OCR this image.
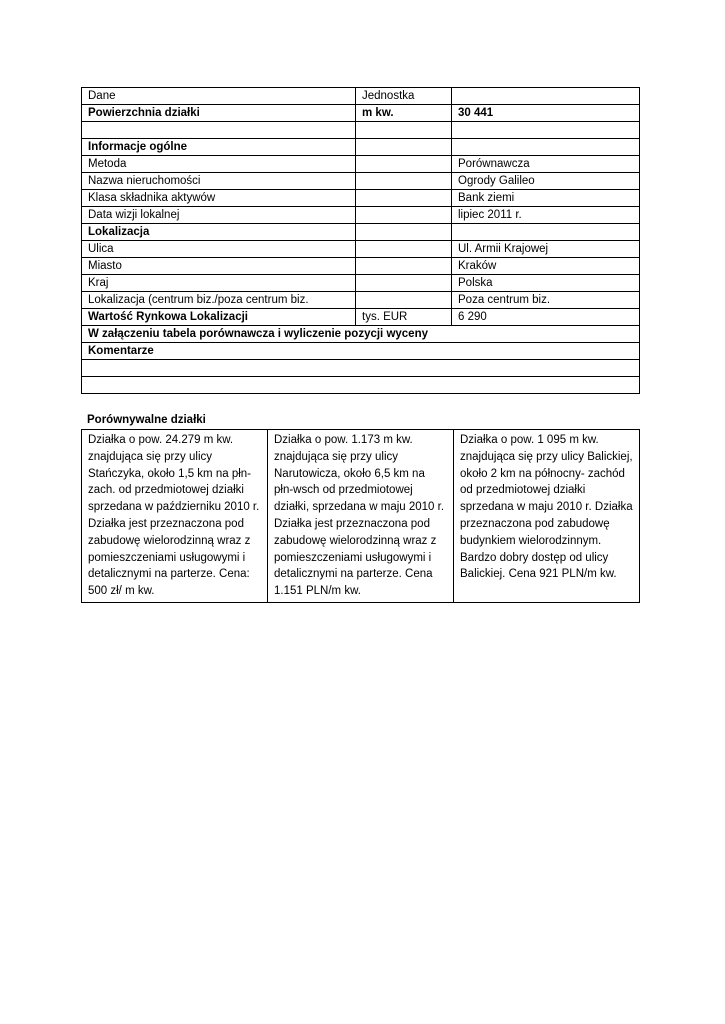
Dane	Jednostka	
Powierzchnia działki	m kw.	30 441

Informacje ogólne		
Metoda		Porównawcza
Nazwa nieruchomości		Ogrody Galileo
Klasa składnika aktywów		Bank ziemi
Data wizji lokalnej		lipiec 2011 r.
Lokalizacja		
Ulica		Ul. Armii Krajowej
Miasto		Kraków
Kraj		Polska
Lokalizacja (centrum biz./poza centrum biz.		Poza centrum biz.
Wartość Rynkowa Lokalizacji	tys. EUR	6 290
W załączeniu tabela porównawcza i wyliczenie pozycji wyceny		
Komentarze		

Porównywalne działki
Działka o pow. 24.279 m kw. znajdująca się przy ulicy Stańczyka, około 1,5 km na płn-zach. od przedmiotowej działki sprzedana w październiku 2010 r. Działka jest przeznaczona pod zabudowę wielorodzinną wraz z pomieszczeniami usługowymi i detalicznymi na parterze. Cena: 500 zł/ m kw.	Działka o pow. 1.173 m kw. znajdująca się przy ulicy Narutowicza, około 6,5 km na płn-wsch od przedmiotowej działki, sprzedana w maju 2010 r. Działka jest przeznaczona pod zabudowę wielorodzinną wraz z pomieszczeniami usługowymi i detalicznymi na parterze. Cena 1.151 PLN/m kw.	Działka o pow. 1 095 m kw. znajdująca się przy ulicy Balickiej, około 2 km na północny- zachód od przedmiotowej działki sprzedana w maju 2010 r. Działka przeznaczona pod zabudowę budynkiem wielorodzinnym. Bardzo dobry dostęp od ulicy Balickiej. Cena 921 PLN/m kw.
